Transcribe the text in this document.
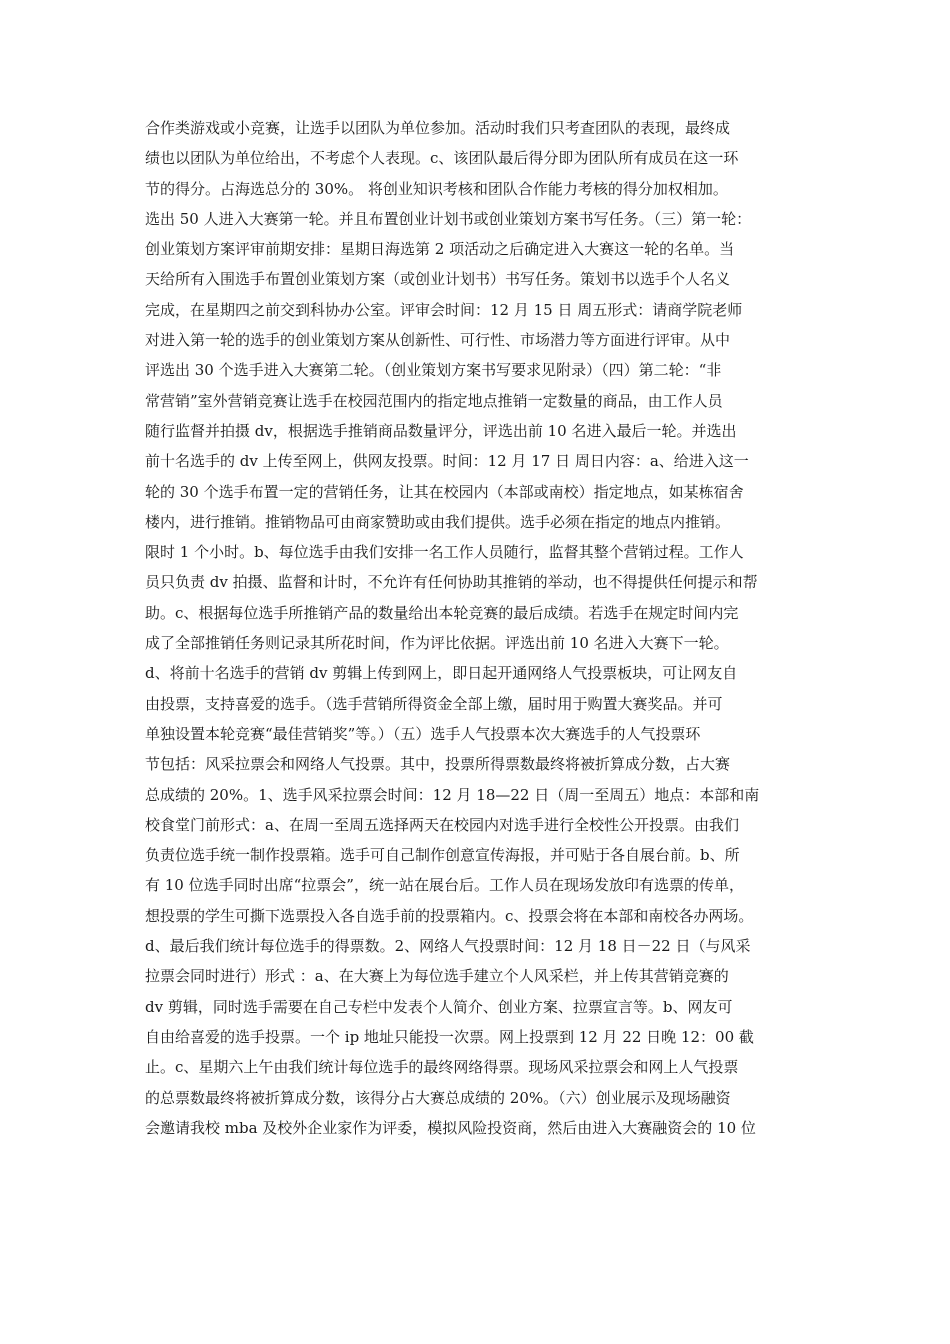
合作类游戏或小竞赛，让选手以团队为单位参加。活动时我们只考查团队的表现，最终成
绩也以团队为单位给出，不考虑个人表现。c、该团队最后得分即为团队所有成员在这一环
节的得分。占海选总分的 30%。 将创业知识考核和团队合作能力考核的得分加权相加。
选出 50 人进入大赛第一轮。并且布置创业计划书或创业策划方案书写任务。（三）第一轮：
创业策划方案评审前期安排：星期日海选第 2 项活动之后确定进入大赛这一轮的名单。当
天给所有入围选手布置创业策划方案（或创业计划书）书写任务。策划书以选手个人名义
完成，在星期四之前交到科协办公室。评审会时间：12 月 15 日 周五形式：请商学院老师
对进入第一轮的选手的创业策划方案从创新性、可行性、市场潜力等方面进行评审。从中
评选出 30 个选手进入大赛第二轮。（创业策划方案书写要求见附录）（四）第二轮：“非
常营销”室外营销竞赛让选手在校园范围内的指定地点推销一定数量的商品，由工作人员
随行监督并拍摄 dv，根据选手推销商品数量评分，评选出前 10 名进入最后一轮。并选出
前十名选手的 dv 上传至网上，供网友投票。时间：12 月 17 日 周日内容：a、给进入这一
轮的 30 个选手布置一定的营销任务，让其在校园内（本部或南校）指定地点，如某栋宿舍
楼内，进行推销。推销物品可由商家赞助或由我们提供。选手必须在指定的地点内推销。
限时 1 个小时。b、每位选手由我们安排一名工作人员随行，监督其整个营销过程。工作人
员只负责 dv 拍摄、监督和计时，不允许有任何协助其推销的举动，也不得提供任何提示和帮
助。c、根据每位选手所推销产品的数量给出本轮竞赛的最后成绩。若选手在规定时间内完
成了全部推销任务则记录其所花时间，作为评比依据。评选出前 10 名进入大赛下一轮。
d、将前十名选手的营销 dv 剪辑上传到网上，即日起开通网络人气投票板块，可让网友自
由投票，支持喜爱的选手。（选手营销所得资金全部上缴，届时用于购置大赛奖品。并可
单独设置本轮竞赛“最佳营销奖”等。）（五）选手人气投票本次大赛选手的人气投票环
节包括：风采拉票会和网络人气投票。其中，投票所得票数最终将被折算成分数，占大赛
总成绩的 20%。1、选手风采拉票会时间：12 月 18—22 日（周一至周五）地点：本部和南
校食堂门前形式：a、在周一至周五选择两天在校园内对选手进行全校性公开投票。由我们
负责位选手统一制作投票箱。选手可自己制作创意宣传海报，并可贴于各自展台前。b、所
有 10 位选手同时出席“拉票会”，统一站在展台后。工作人员在现场发放印有选票的传单，
想投票的学生可撕下选票投入各自选手前的投票箱内。c、投票会将在本部和南校各办两场。
d、最后我们统计每位选手的得票数。2、网络人气投票时间：12 月 18 日－22 日（与风采
拉票会同时进行）形式 ：a、在大赛上为每位选手建立个人风采栏，并上传其营销竞赛的
dv 剪辑，同时选手需要在自己专栏中发表个人简介、创业方案、拉票宣言等。b、网友可
自由给喜爱的选手投票。一个 ip 地址只能投一次票。网上投票到 12 月 22 日晚 12：00 截
止。c、星期六上午由我们统计每位选手的最终网络得票。现场风采拉票会和网上人气投票
的总票数最终将被折算成分数，该得分占大赛总成绩的 20%。（六）创业展示及现场融资
会邀请我校 mba 及校外企业家作为评委，模拟风险投资商，然后由进入大赛融资会的 10 位
